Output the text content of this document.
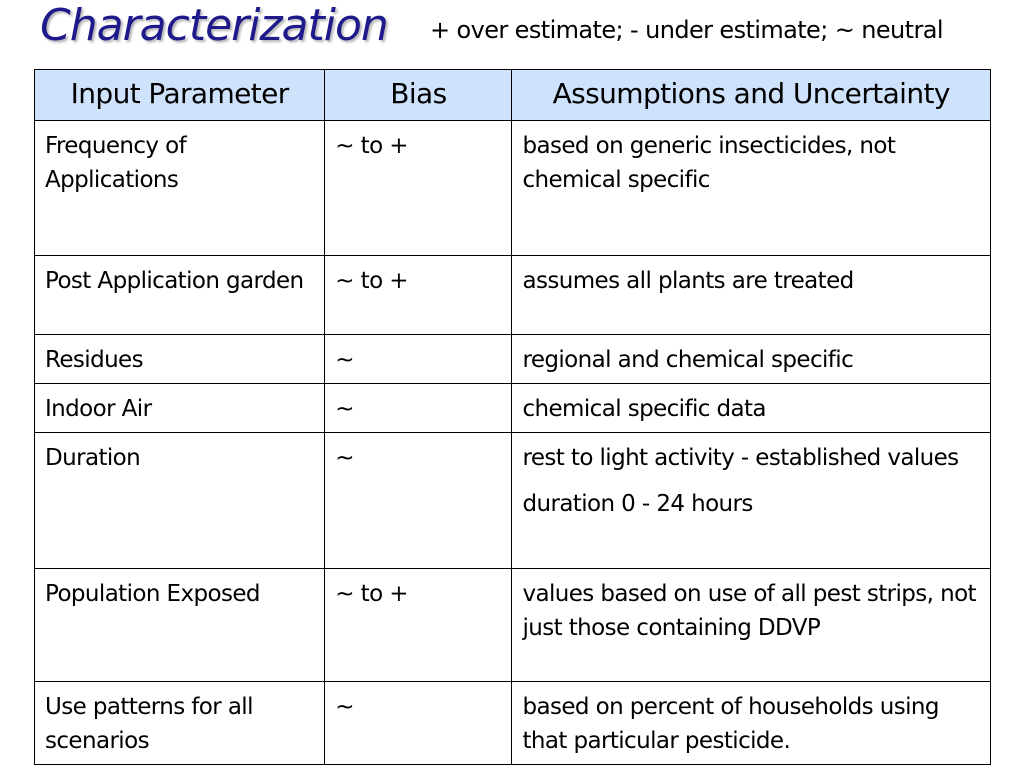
Characterization + over estimate; - under estimate; ~ neutral
Input Parameter	Bias	Assumptions and Uncertainty
Frequency of Applications	~ to +	based on generic insecticides, not chemical specific

Post Application garden	~ to +	assumes all plants are treated

Residues	~	regional and chemical specific

Indoor Air	~	chemical specific data

Duration	~	rest to light activity - established values
duration 0 - 24 hours

Population Exposed	~ to +	values based on use of all pest strips, not just those containing DDVP

Use patterns for all scenarios	~	based on percent of households using that particular pesticide.
